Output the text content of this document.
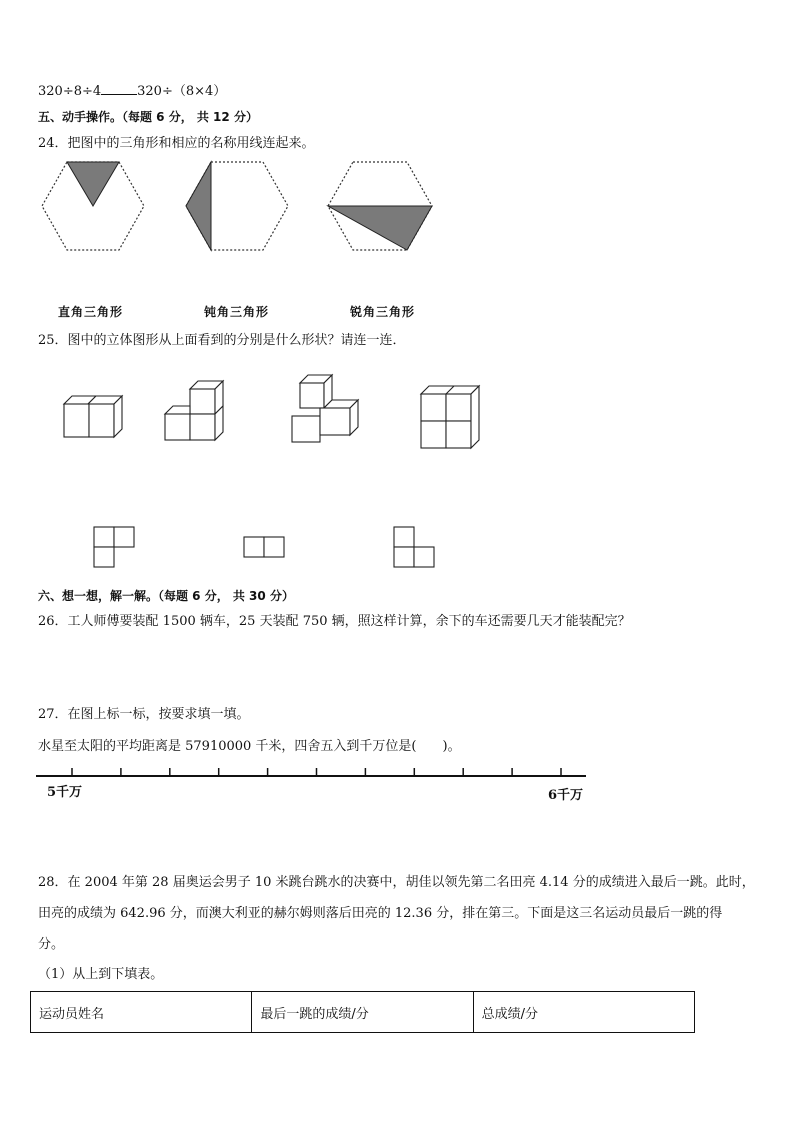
320÷8÷4	320÷（8×4）
五、动手操作。（每题 6 分， 共 12 分）
24．把图中的三角形和相应的名称用线连起来。
直角三角形	钝角三角形	锐角三角形
25．图中的立体图形从上面看到的分别是什么形状？请连一连．
六、想一想，解一解。（每题 6 分， 共 30 分）
26．工人师傅要装配 1500 辆车，25 天装配 750 辆，照这样计算，余下的车还需要几天才能装配完？
27．在图上标一标，按要求填一填。
水星至太阳的平均距离是 57910000 千米，四舍五入到千万位是(　　)。
5千万	6千万
28．在 2004 年第 28 届奥运会男子 10 米跳台跳水的决赛中，胡佳以领先第二名田亮 4.14 分的成绩进入最后一跳。此时，
田亮的成绩为 642.96 分，而澳大利亚的赫尔姆则落后田亮的 12.36 分，排在第三。下面是这三名运动员最后一跳的得
分。
（1）从上到下填表。
运动员姓名	最后一跳的成绩/分	总成绩/分
